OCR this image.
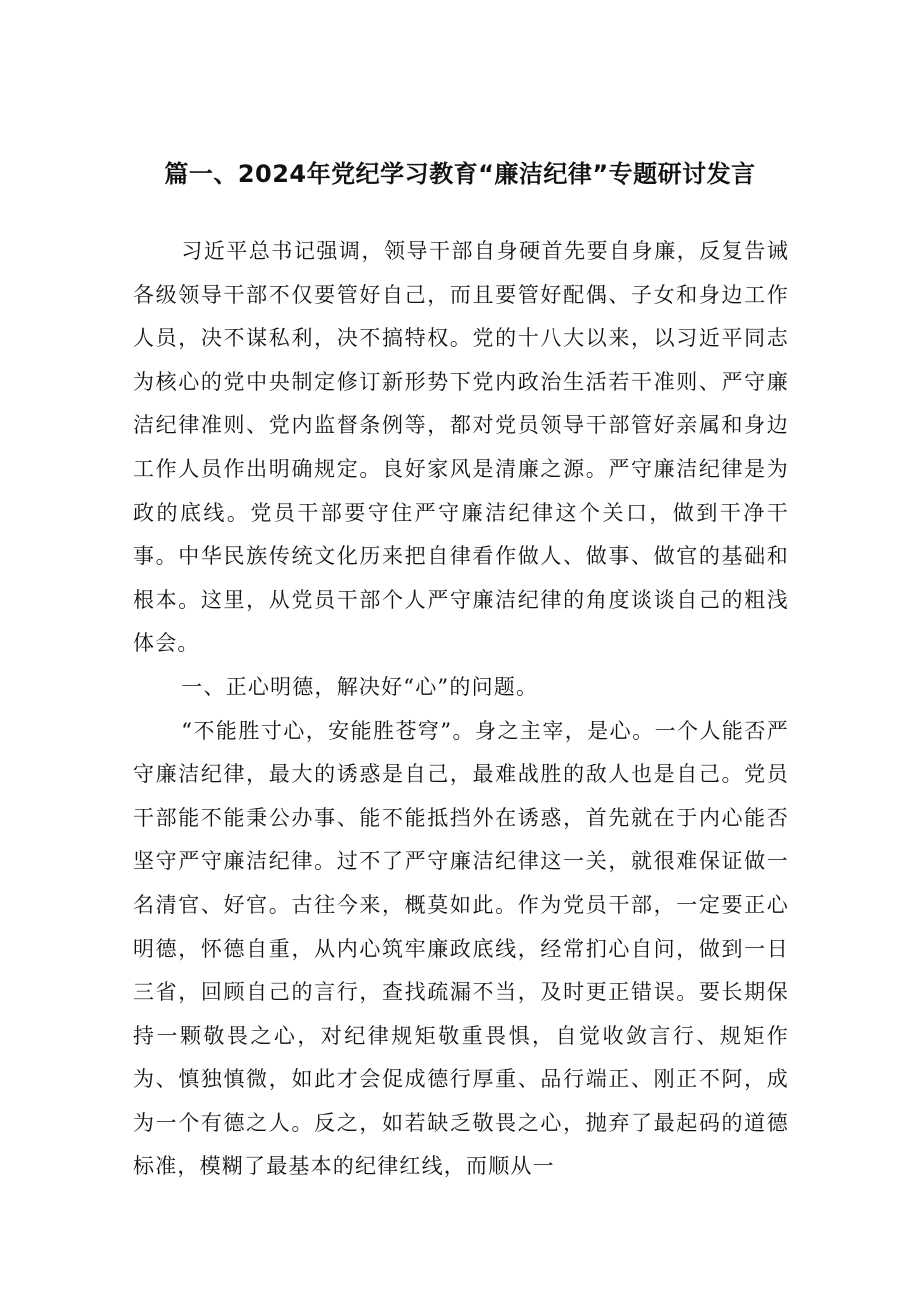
篇一、2024年党纪学习教育“廉洁纪律”专题研讨发言

习近平总书记强调，领导干部自身硬首先要自身廉，反复告诫各级领导干部不仅要管好自己，而且要管好配偶、子女和身边工作人员，决不谋私利，决不搞特权。党的十八大以来，以习近平同志为核心的党中央制定修订新形势下党内政治生活若干准则、严守廉洁纪律准则、党内监督条例等，都对党员领导干部管好亲属和身边工作人员作出明确规定。良好家风是清廉之源。严守廉洁纪律是为政的底线。党员干部要守住严守廉洁纪律这个关口，做到干净干事。中华民族传统文化历来把自律看作做人、做事、做官的基础和根本。这里，从党员干部个人严守廉洁纪律的角度谈谈自己的粗浅体会。

一、正心明德，解决好“心”的问题。

“不能胜寸心，安能胜苍穹”。身之主宰，是心。一个人能否严守廉洁纪律，最大的诱惑是自己，最难战胜的敌人也是自己。党员干部能不能秉公办事、能不能抵挡外在诱惑，首先就在于内心能否坚守严守廉洁纪律。过不了严守廉洁纪律这一关，就很难保证做一名清官、好官。古往今来，概莫如此。作为党员干部，一定要正心明德，怀德自重，从内心筑牢廉政底线，经常扪心自问，做到一日三省，回顾自己的言行，查找疏漏不当，及时更正错误。要长期保持一颗敬畏之心，对纪律规矩敬重畏惧，自觉收敛言行、规矩作为、慎独慎微，如此才会促成德行厚重、品行端正、刚正不阿，成为一个有德之人。反之，如若缺乏敬畏之心，抛弃了最起码的道德标准，模糊了最基本的纪律红线，而顺从一
